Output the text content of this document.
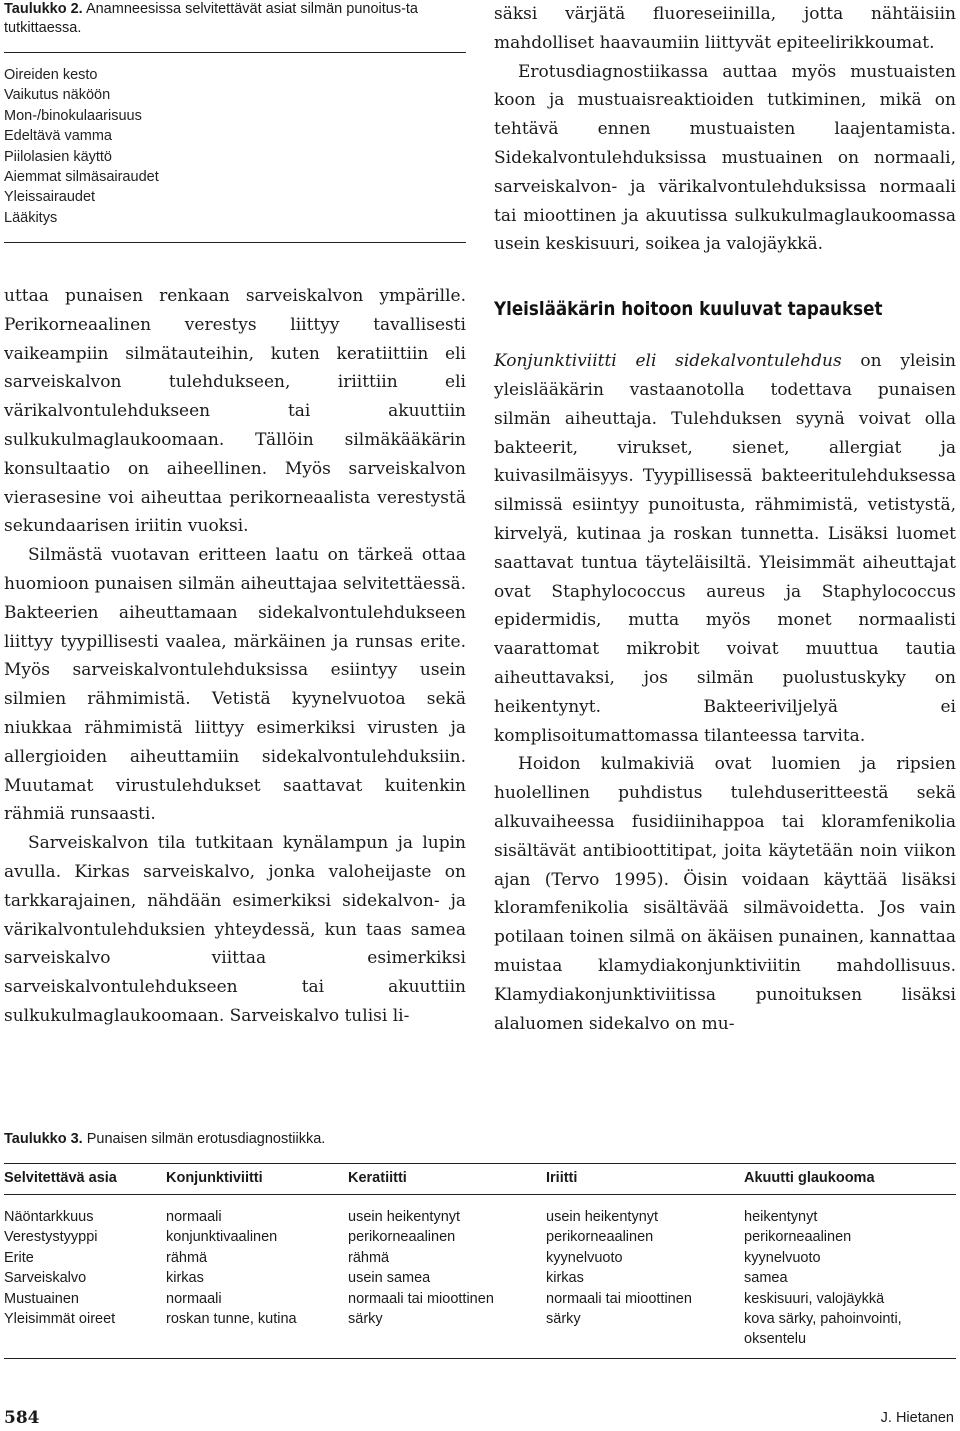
Taulukko 2. Anamneesissa selvitettävät asiat silmän punoitus-ta tutkittaessa.
Oireiden kesto
Vaikutus näköön
Mon-/binokulaarisuus
Edeltävä vamma
Piilolasien käyttö
Aiemmat silmäsairaudet
Yleissairaudet
Lääkitys

uttaa punaisen renkaan sarveiskalvon ympärille. Perikorneaalinen verestys liittyy tavallisesti vaikeampiin silmätauteihin, kuten keratiittiin eli sarveiskalvon tulehdukseen, iriittiin eli värikalvontulehdukseen tai akuuttiin sulkukulmaglaukoomaan. Tällöin silmäkääkärin konsultaatio on aiheellinen. Myös sarveiskalvon vierasesine voi aiheuttaa perikorneaalista verestystä sekundaarisen iriitin vuoksi.

Silmästä vuotavan eritteen laatu on tärkeä ottaa huomioon punaisen silmän aiheuttajaa selvitettäessä. Bakteerien aiheuttamaan sidekalvontulehdukseen liittyy tyypillisesti vaalea, märkäinen ja runsas erite. Myös sarveiskalvontulehduksissa esiintyy usein silmien rähmimistä. Vetistä kyynelvuotoa sekä niukkaa rähmimistä liittyy esimerkiksi virusten ja allergioiden aiheuttamiin sidekalvontulehduksiin. Muutamat virustulehdukset saattavat kuitenkin rähmiä runsaasti.

Sarveiskalvon tila tutkitaan kynälampun ja lupin avulla. Kirkas sarveiskalvo, jonka valoheijaste on tarkkarajainen, nähdään esimerkiksi sidekalvon- ja värikalvontulehduksien yhteydessä, kun taas samea sarveiskalvo viittaa esimerkiksi sarveiskalvontulehdukseen tai akuuttiin sulkukulmaglaukoomaan. Sarveiskalvo tulisi li-

säksi värjätä fluoreseiinilla, jotta nähtäisiin mahdolliset haavaumiin liittyvät epiteelirikkoumat.

Erotusdiagnostiikassa auttaa myös mustuaisten koon ja mustuaisreaktioiden tutkiminen, mikä on tehtävä ennen mustuaisten laajentamista. Sidekalvontulehduksissa mustuainen on normaali, sarveiskalvon- ja värikalvontulehduksissa normaali tai mioottinen ja akuutissa sulkukulmaglaukoomassa usein keskisuuri, soikea ja valojäykkä.

Yleislääkärin hoitoon kuuluvat tapaukset

Konjunktiviitti eli sidekalvontulehdus on yleisin yleislääkärin vastaanotolla todettava punaisen silmän aiheuttaja. Tulehduksen syynä voivat olla bakteerit, virukset, sienet, allergiat ja kuivasilmäisyys. Tyypillisessä bakteeritulehduksessa silmissä esiintyy punoitusta, rähmimistä, vetistystä, kirvelyä, kutinaa ja roskan tunnetta. Lisäksi luomet saattavat tuntua täyteläisiltä. Yleisimmät aiheuttajat ovat Staphylococcus aureus ja Staphylococcus epidermidis, mutta myös monet normaalisti vaarattomat mikrobit voivat muuttua tautia aiheuttavaksi, jos silmän puolustuskyky on heikentynyt. Bakteeriviljelyä ei komplisoitumattomassa tilanteessa tarvita.

Hoidon kulmakiviä ovat luomien ja ripsien huolellinen puhdistus tulehduseritteestä sekä alkuvaiheessa fusidiinihappoa tai kloramfenikolia sisältävät antibioottitipat, joita käytetään noin viikon ajan (Tervo 1995). Öisin voidaan käyttää lisäksi kloramfenikolia sisältävää silmävoidetta. Jos vain potilaan toinen silmä on äkäisen punainen, kannattaa muistaa klamydiakonjunktiviitin mahdollisuus. Klamydiakonjunktiviitissa punoituksen lisäksi alaluomen sidekalvo on mu-

Taulukko 3. Punaisen silmän erotusdiagnostiikka.
Selvitettävä asia	Konjunktiviitti	Keratiitti	Iriitti	Akuutti glaukooma
Näöntarkkuus	normaali	usein heikentynyt	usein heikentynyt	heikentynyt
Verestystyyppi	konjunktivaalinen	perikorneaalinen	perikorneaalinen	perikorneaalinen
Erite	rähmä	rähmä	kyynelvuoto	kyynelvuoto
Sarveiskalvo	kirkas	usein samea	kirkas	samea
Mustuainen	normaali	normaali tai mioottinen	normaali tai mioottinen	keskisuuri, valojäykkä
Yleisimmät oireet	roskan tunne, kutina	särky	särky	kova särky, pahoinvointi, oksentelu
584	J. Hietanen
